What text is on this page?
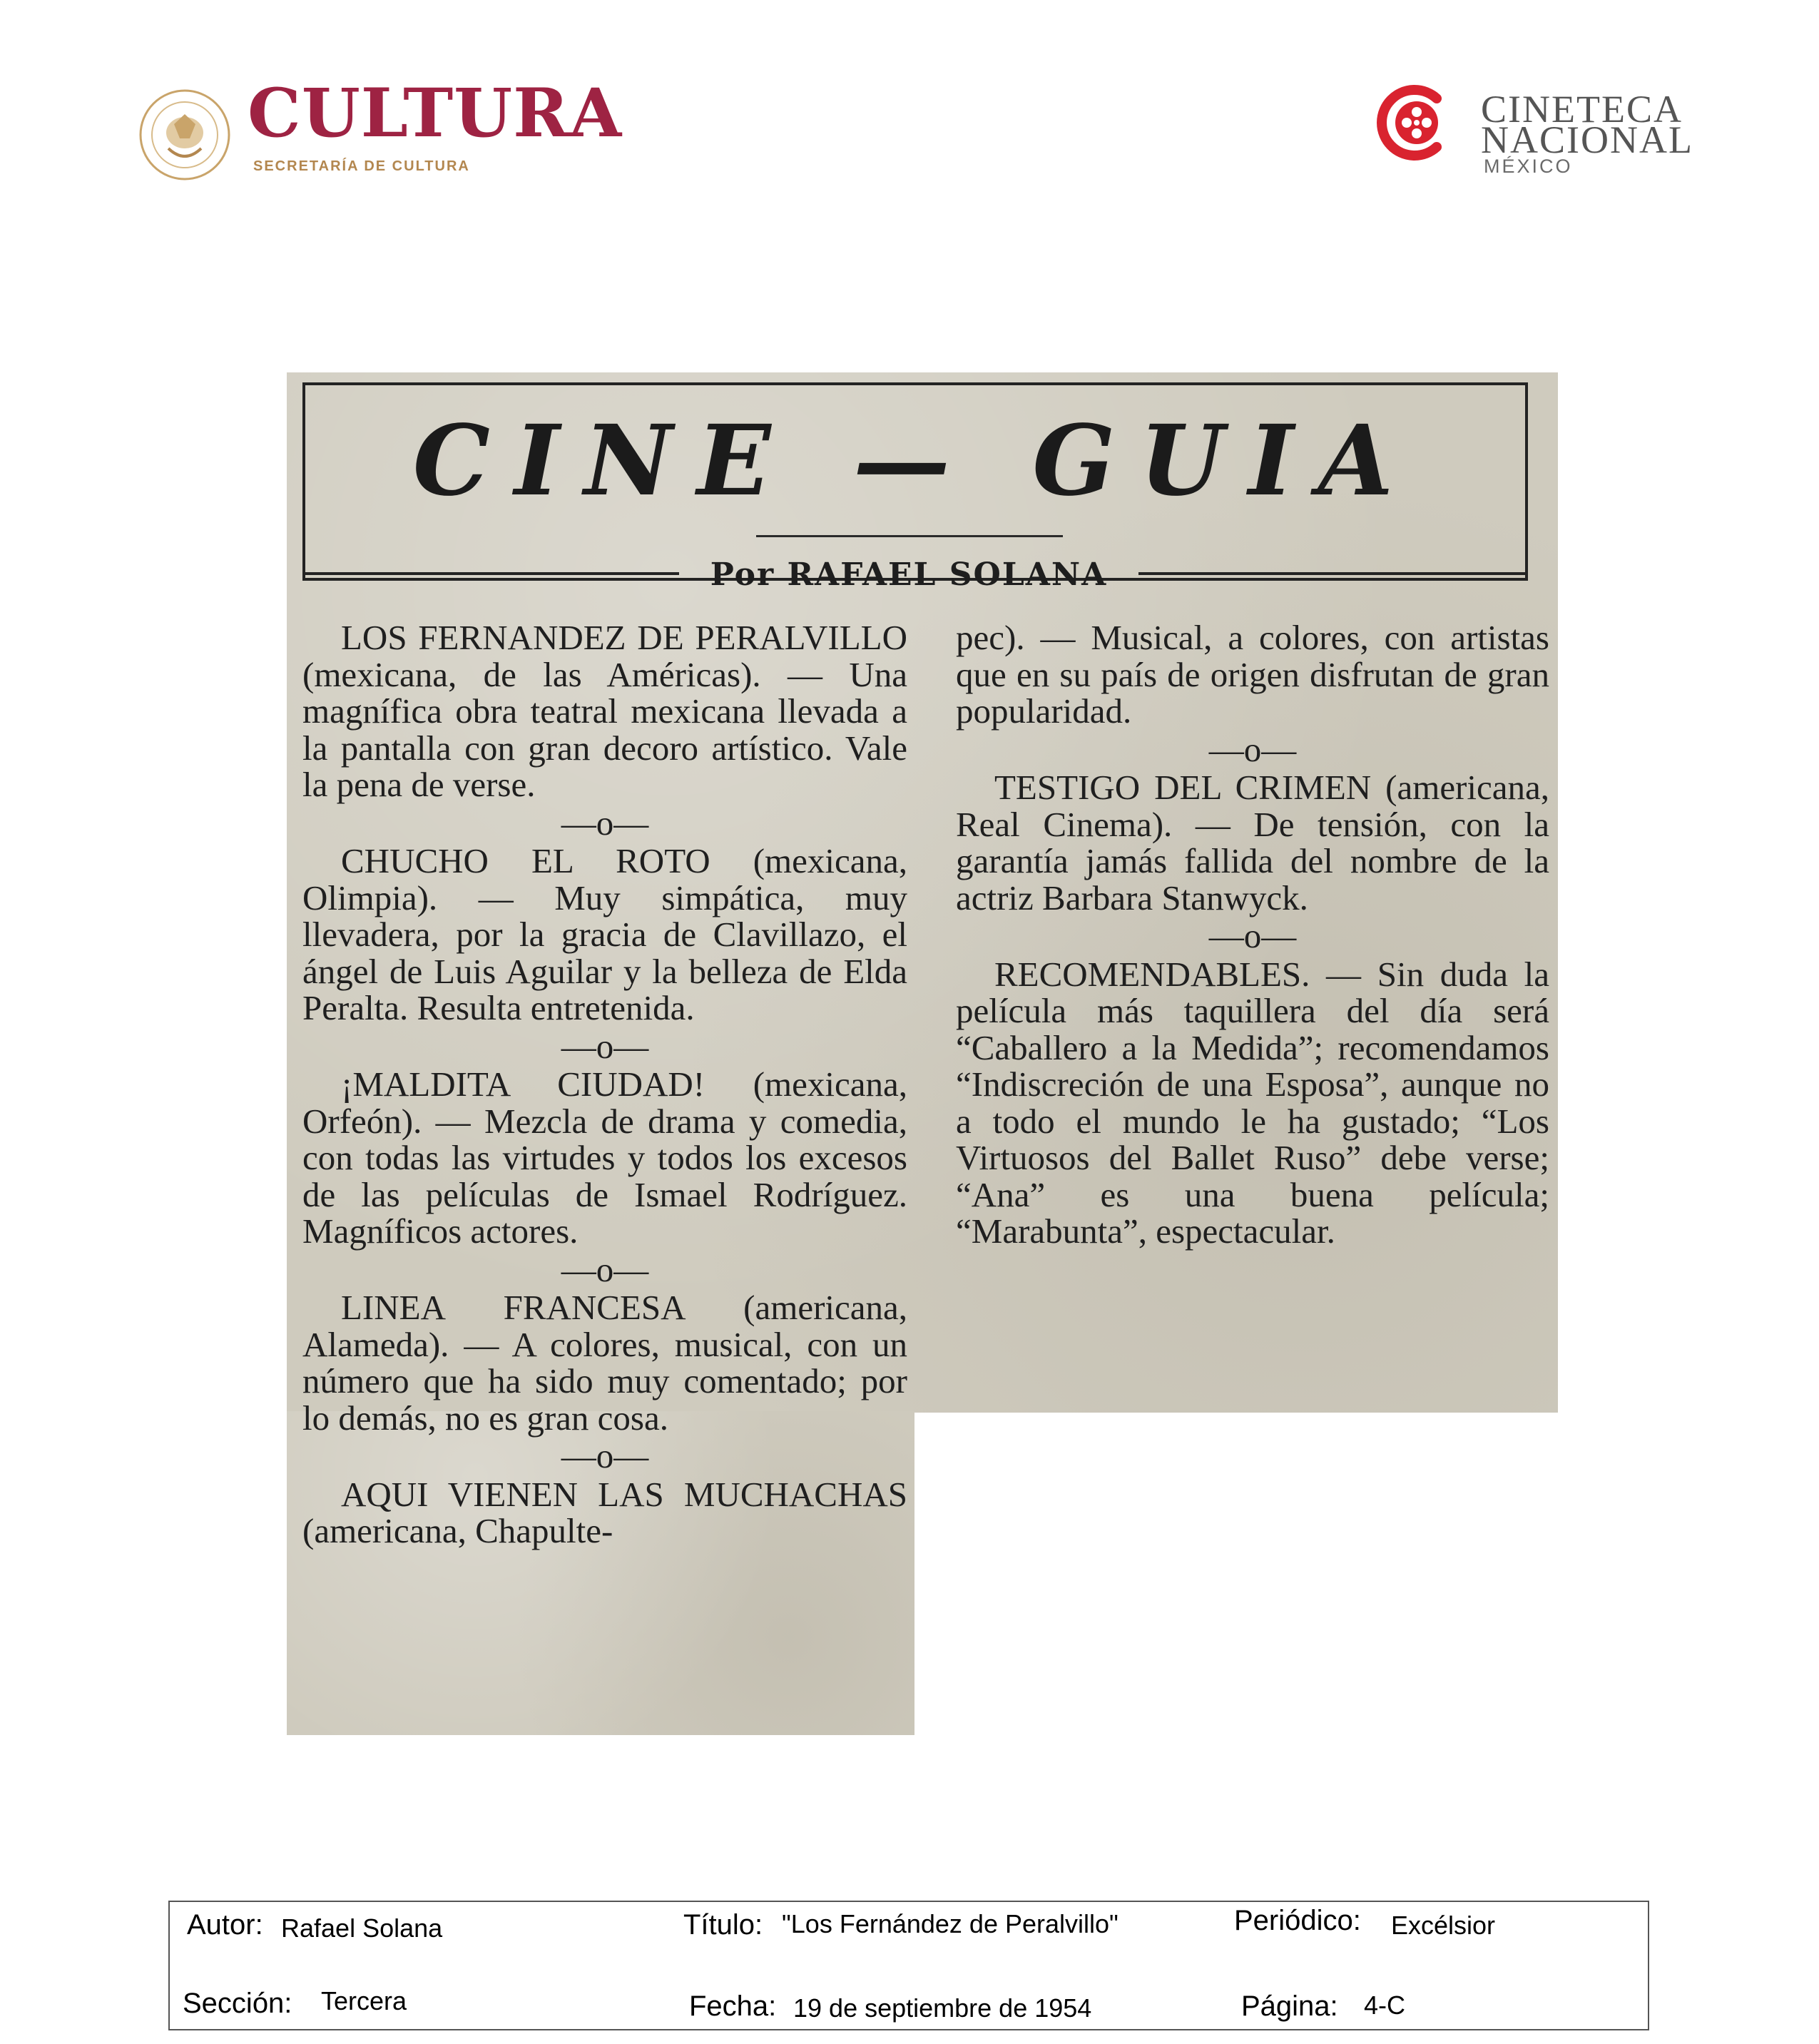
CULTURA
SECRETARÍA DE CULTURA
CINETECA
NACIONAL
MÉXICO
CINE — GUIA
Por RAFAEL SOLANA

LOS FERNANDEZ DE PERALVILLO (mexicana, de las Américas). — Una magnífica obra teatral mexicana llevada a la pantalla con gran decoro artístico. Vale la pena de verse.

—o—

CHUCHO EL ROTO (mexicana, Olimpia). — Muy simpática, muy llevadera, por la gracia de Clavillazo, el ángel de Luis Aguilar y la belleza de Elda Peralta. Resulta entretenida.

—o—

¡MALDITA CIUDAD! (mexicana, Orfeón). — Mezcla de drama y comedia, con todas las virtudes y todos los excesos de las películas de Ismael Rodríguez. Magníficos actores.

—o—

LINEA FRANCESA (americana, Alameda). — A colores, musical, con un número que ha sido muy comentado; por lo demás, no es gran cosa.

—o—

AQUI VIENEN LAS MUCHACHAS (americana, Chapulte-

pec). — Musical, a colores, con artistas que en su país de origen disfrutan de gran popularidad.

—o—

TESTIGO DEL CRIMEN (americana, Real Cinema). — De tensión, con la garantía jamás fallida del nombre de la actriz Barbara Stanwyck.

—o—

RECOMENDABLES. — Sin duda la película más taquillera del día será “Caballero a la Medida”; recomendamos “Indiscreción de una Esposa”, aunque no a todo el mundo le ha gustado; “Los Virtuosos del Ballet Ruso” debe verse; “Ana” es una buena película; “Marabunta”, espectacular.

Autor: Rafael Solana	Título: "Los Fernández de Peralvillo"	Periódico: Excélsior
Sección: Tercera	Fecha: 19 de septiembre de 1954	Página: 4-C
